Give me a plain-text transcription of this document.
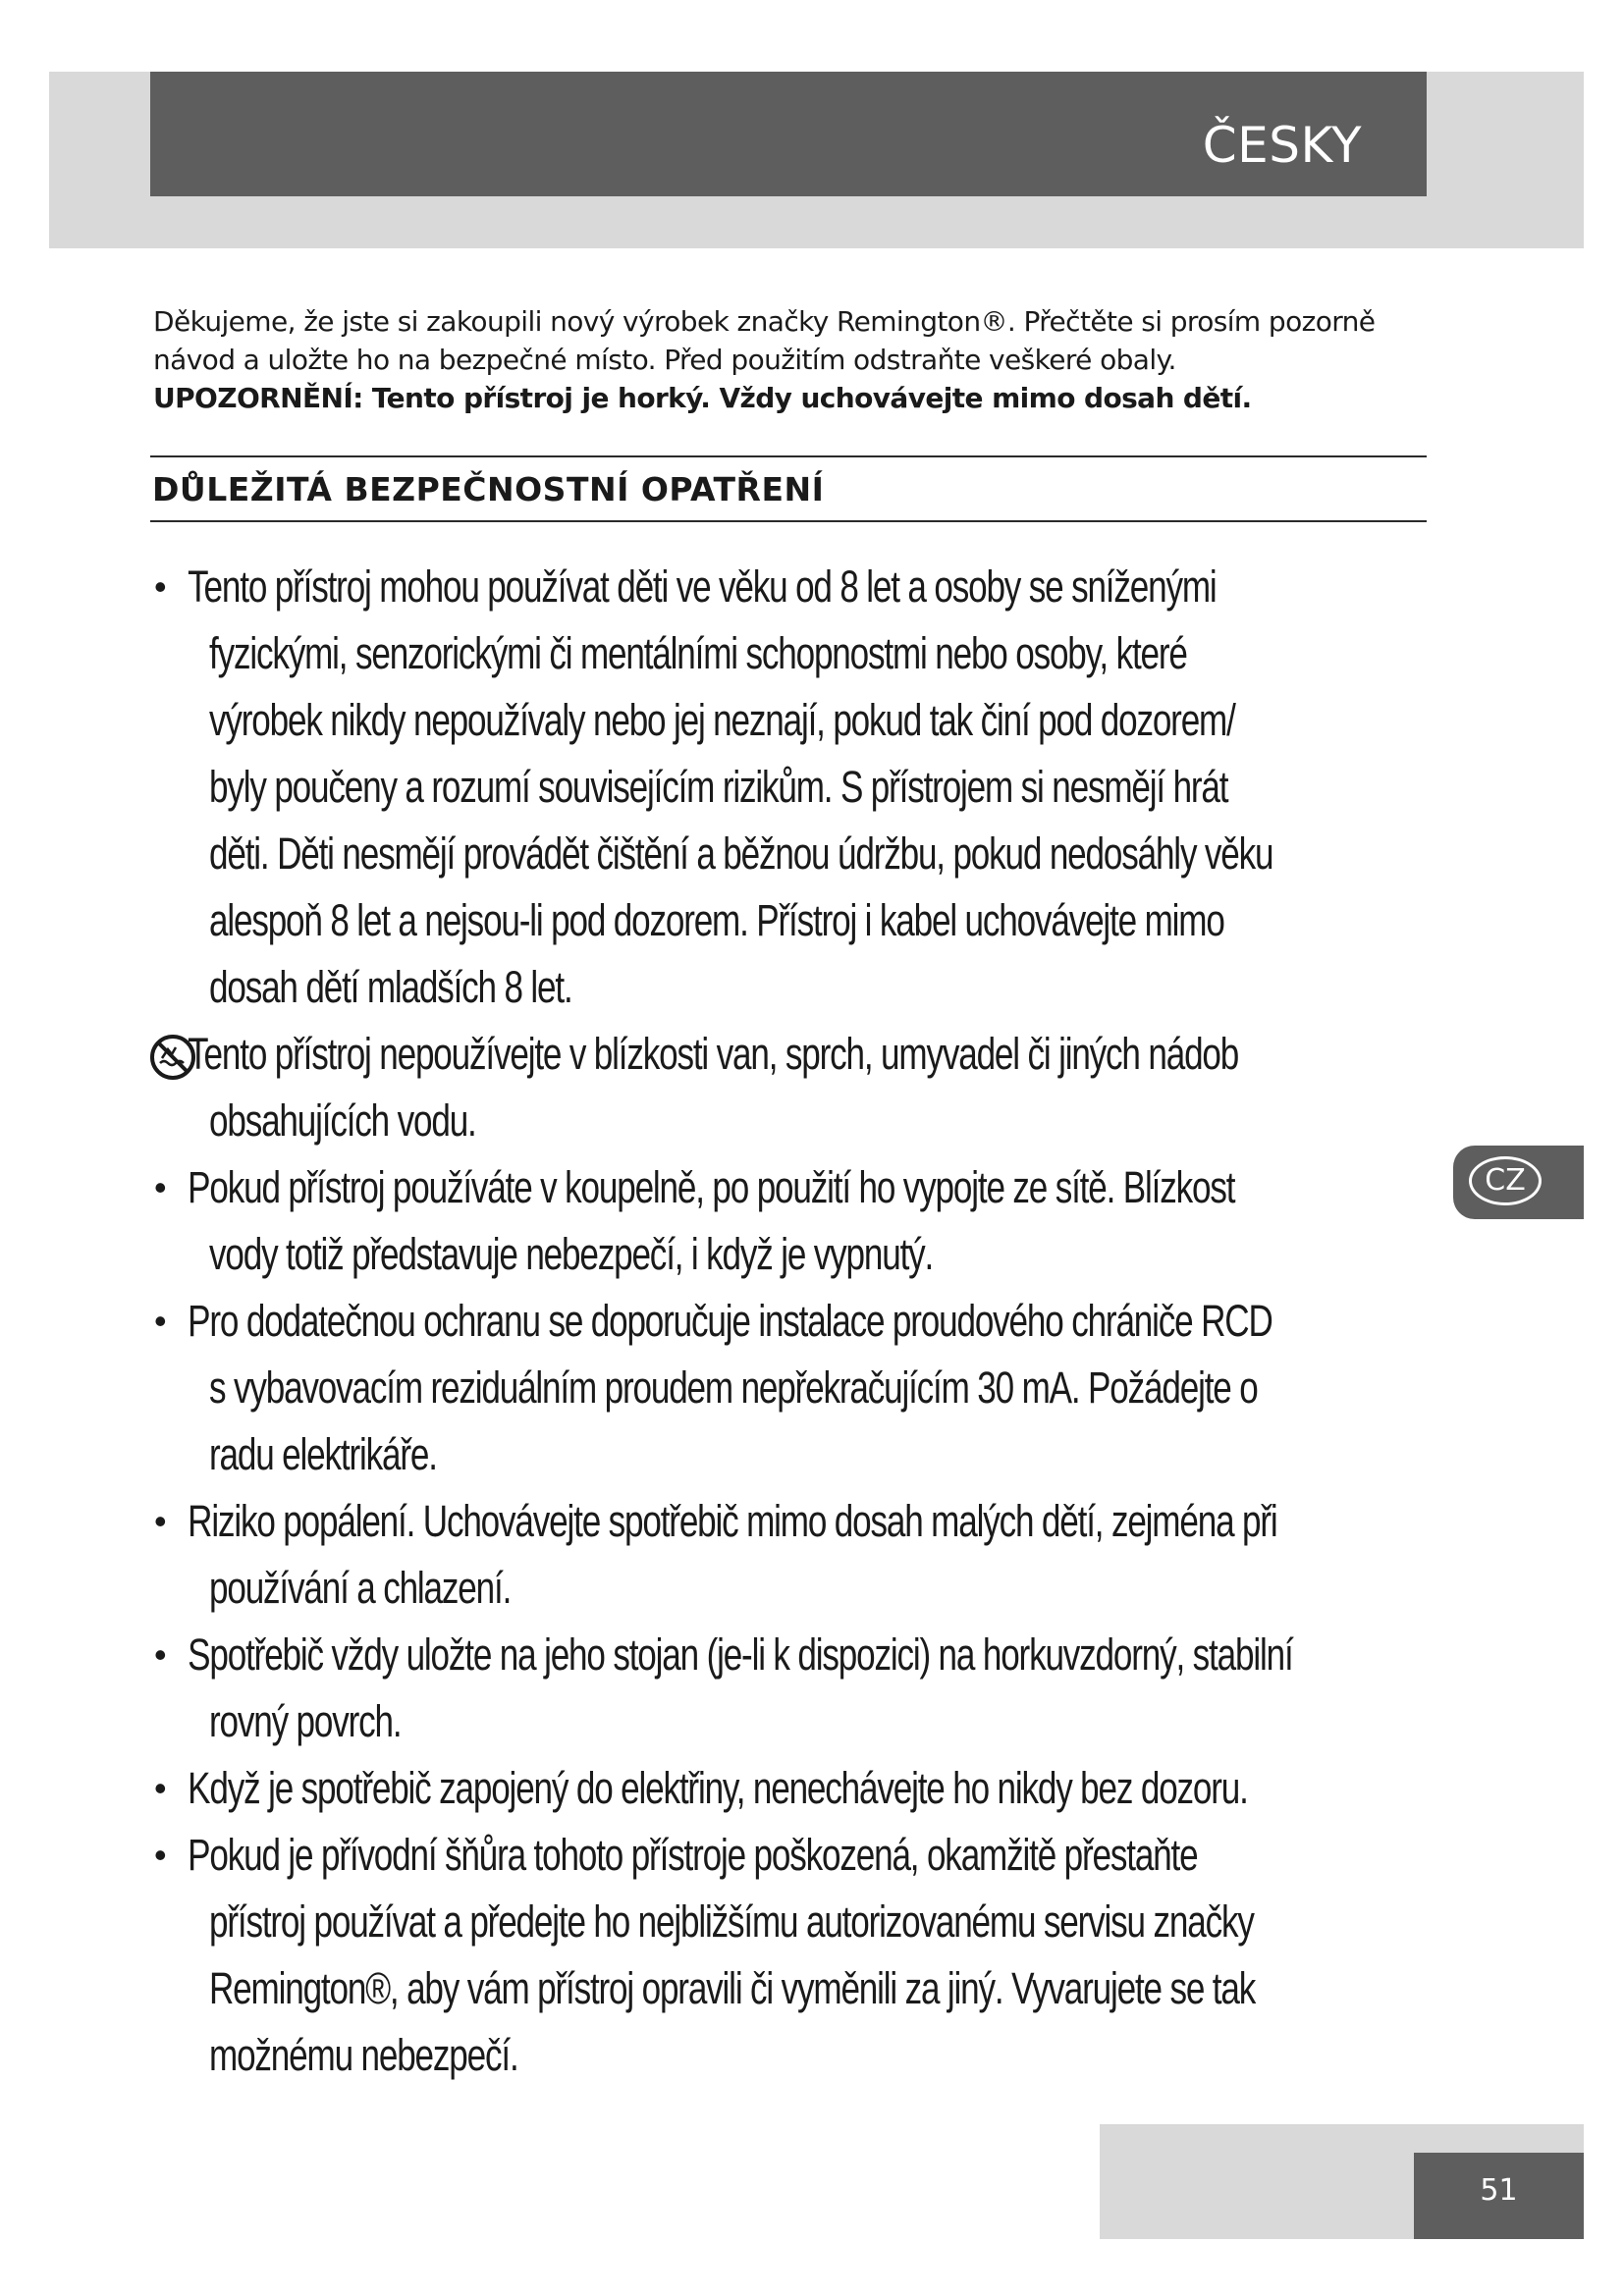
ČESKY

Děkujeme, že jste si zakoupili nový výrobek značky Remington®. Přečtěte si prosím pozorně

návod a uložte ho na bezpečné místo. Před použitím odstraňte veškeré obaly.

UPOZORNĚNÍ: Tento přístroj je horký. Vždy uchovávejte mimo dosah dětí.

DŮLEŽITÁ BEZPEČNOSTNÍ OPATŘENÍ
• Tento přístroj mohou používat děti ve věku od 8 let a osoby se sníženými
fyzickými, senzorickými či mentálními schopnostmi nebo osoby, které
výrobek nikdy nepoužívaly nebo jej neznají, pokud tak činí pod dozorem/
byly poučeny a rozumí souvisejícím rizikům. S přístrojem si nesmějí hrát
děti. Děti nesmějí provádět čištění a běžnou údržbu, pokud nedosáhly věku
alespoň 8 let a nejsou-li pod dozorem. Přístroj i kabel uchovávejte mimo
dosah dětí mladších 8 let.
Tento přístroj nepoužívejte v blízkosti van, sprch, umyvadel či jiných nádob
obsahujících vodu.
• Pokud přístroj používáte v koupelně, po použití ho vypojte ze sítě. Blízkost
vody totiž představuje nebezpečí, i když je vypnutý.
• Pro dodatečnou ochranu se doporučuje instalace proudového chrániče RCD
s vybavovacím reziduálním proudem nepřekračujícím 30 mA. Požádejte o
radu elektrikáře.
• Riziko popálení. Uchovávejte spotřebič mimo dosah malých dětí, zejména při
používání a chlazení.
• Spotřebič vždy uložte na jeho stojan (je-li k dispozici) na horkuvzdorný, stabilní
rovný povrch.
• Když je spotřebič zapojený do elektřiny, nenechávejte ho nikdy bez dozoru.
• Pokud je přívodní šňůra tohoto přístroje poškozená, okamžitě přestaňte
přístroj používat a předejte ho nejbližšímu autorizovanému servisu značky
Remington®, aby vám přístroj opravili či vyměnili za jiný. Vyvarujete se tak
možnému nebezpečí.
CZ
51
